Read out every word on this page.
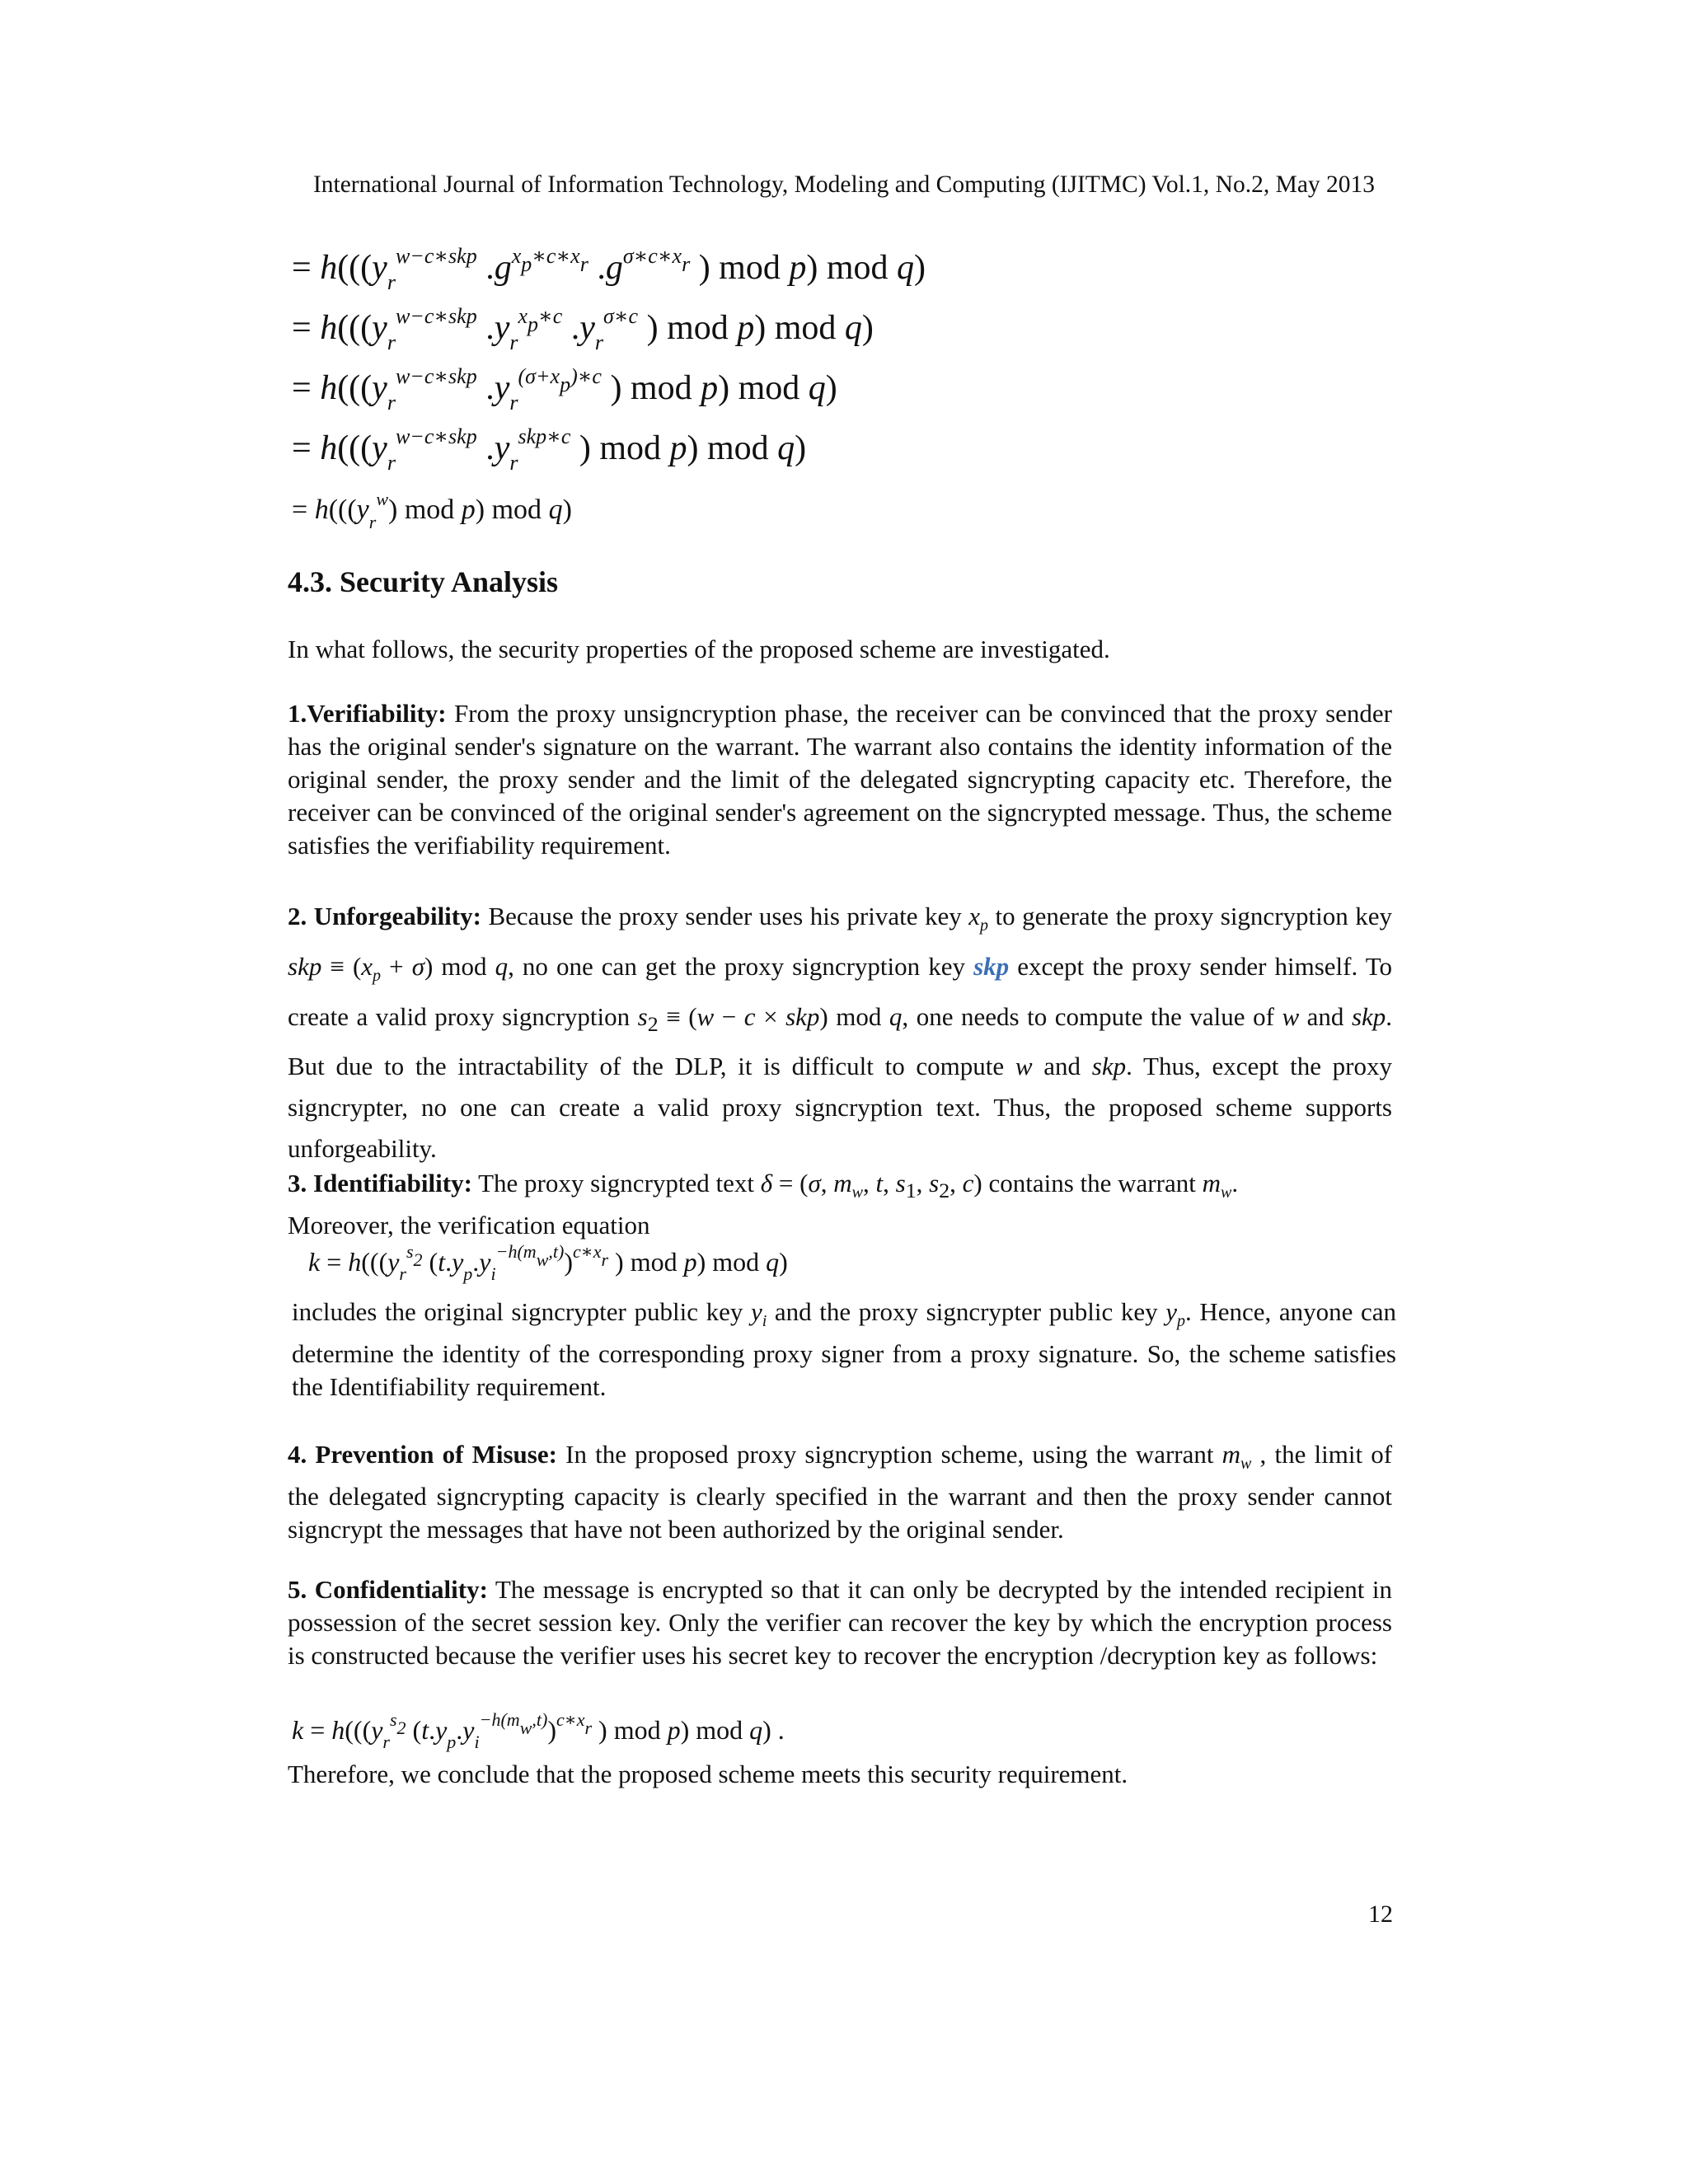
International Journal of Information Technology, Modeling and Computing (IJITMC) Vol.1, No.2, May 2013
= $h(((y_r^{w-c∗skp}$ $.g^{x_p∗c∗x_r}$ $.g^{\sigma∗c∗x_r}$ ) mod p) mod q)
= $h(((y_r^{w-c∗skp}$ $.y_r^{x_p∗c}$ $.y_r^{\sigma∗c}$ ) mod p) mod q)
= $h(((y_r^{w-c∗skp}$ $.y_r^{(\sigma+x_p)∗c}$ ) mod p) mod q)
= $h(((y_r^{w-c∗skp}$ $.y_r^{skp∗c}$ ) mod p) mod q)
= $h(((y_r^w)$ mod p) mod q)
4.3. Security Analysis

In what follows, the security properties of the proposed scheme are investigated.

1.Verifiability: From the proxy unsigncryption phase, the receiver can be convinced that the proxy sender has the original sender's signature on the warrant. The warrant also contains the identity information of the original sender, the proxy sender and the limit of the delegated signcrypting capacity etc. Therefore, the receiver can be convinced of the original sender's agreement on the signcrypted message. Thus, the scheme satisfies the verifiability requirement.

2. Unforgeability: Because the proxy sender uses his private key $x_p$ to generate the proxy signcryption key skp ≡ $(x_p + \sigma)$ mod q, no one can get the proxy signcryption key skp except the proxy sender himself. To create a valid proxy signcryption $s_2 \equiv (w - c \times skp)$ mod q, one needs to compute the value of w and skp. But due to the intractability of the DLP, it is difficult to compute w and skp. Thus, except the proxy signcrypter, no one can create a valid proxy signcryption text. Thus, the proposed scheme supports unforgeability.

3. Identifiability: The proxy signcrypted text δ = (σ, $m_w$, t, $s_1$, $s_2$, c) contains the warrant $m_w$.
Moreover, the verification equation

$k = h(((y_r^{s_2}$ $(t.y_p.y_i^{-h(m_w,t)})^{c∗x_r}$ ) mod p) mod q)

includes the original signcrypter public key $y_i$ and the proxy signcrypter public key $y_p$. Hence, anyone can determine the identity of the corresponding proxy signer from a proxy signature. So, the scheme satisfies the Identifiability requirement.

4. Prevention of Misuse: In the proposed proxy signcryption scheme, using the warrant $m_w$ , the limit of the delegated signcrypting capacity is clearly specified in the warrant and then the proxy sender cannot signcrypt the messages that have not been authorized by the original sender.

5. Confidentiality: The message is encrypted so that it can only be decrypted by the intended recipient in possession of the secret session key. Only the verifier can recover the key by which the encryption process is constructed because the verifier uses his secret key to recover the encryption /decryption key as follows:

$k = h(((y_r^{s_2}$ $(t.y_p.y_i^{-h(m_w,t)})^{c∗x_r}$ ) mod p) mod q) .

Therefore, we conclude that the proposed scheme meets this security requirement.

12
